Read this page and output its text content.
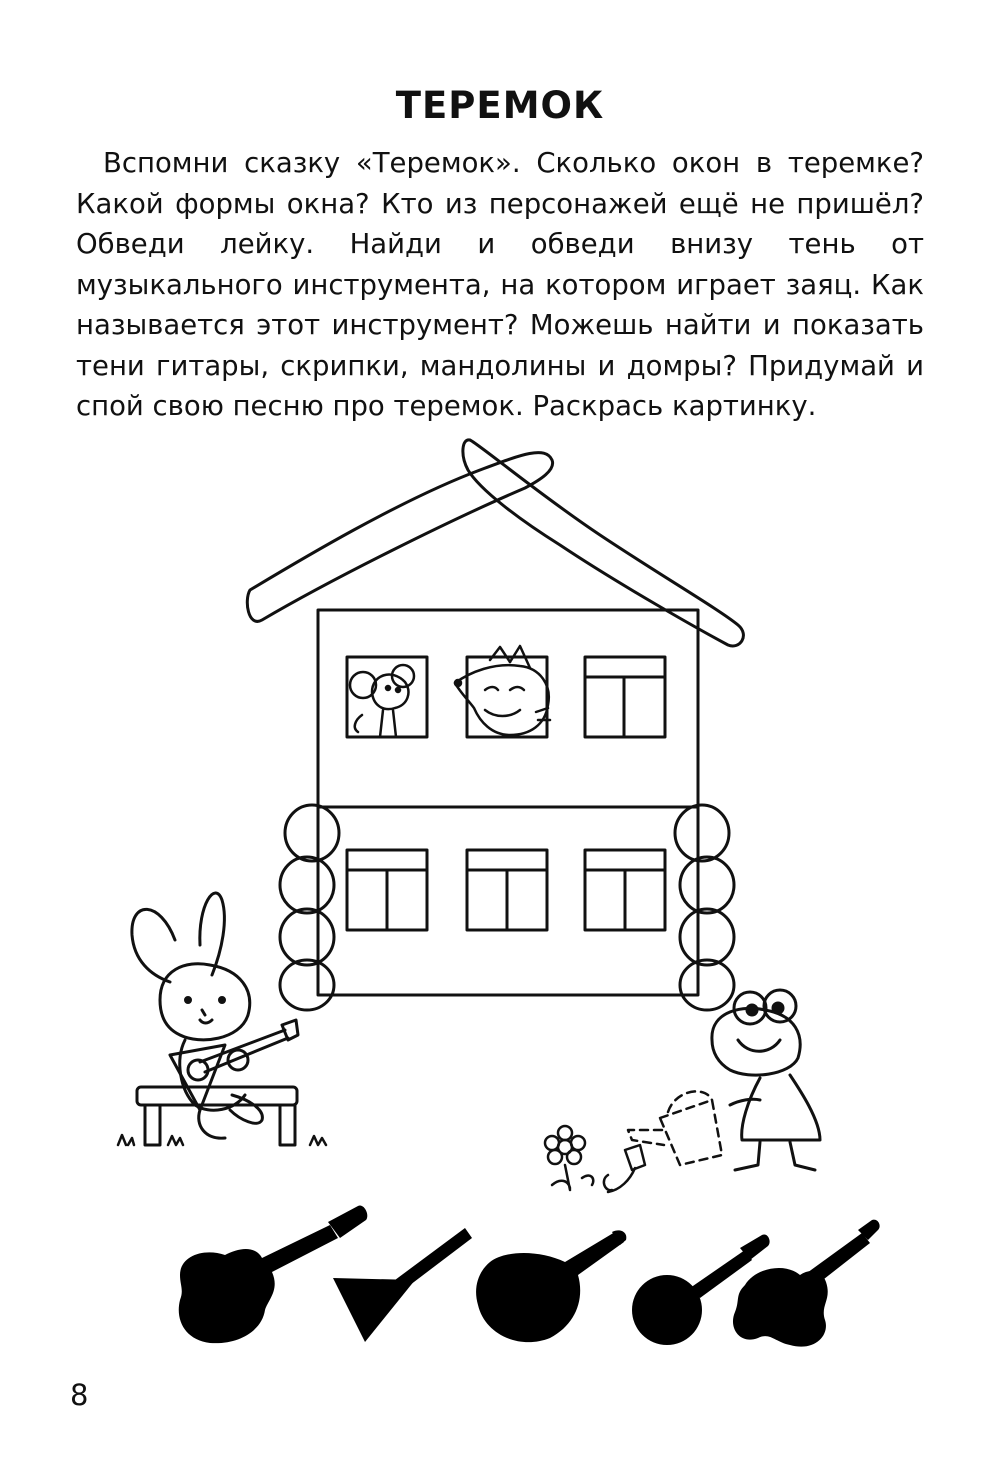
ТЕРЕМОК

Вспомни сказку «Теремок». Сколько окон в теремке? Какой формы окна? Кто из персонажей ещё не пришёл? Обведи лейку. Найди и обведи внизу тень от музыкального инструмента, на котором играет заяц. Как называется этот инструмент? Можешь найти и показать тени гитары, скрипки, мандолины и домры? Придумай и спой свою песню про теремок. Раскрась картинку.

8
